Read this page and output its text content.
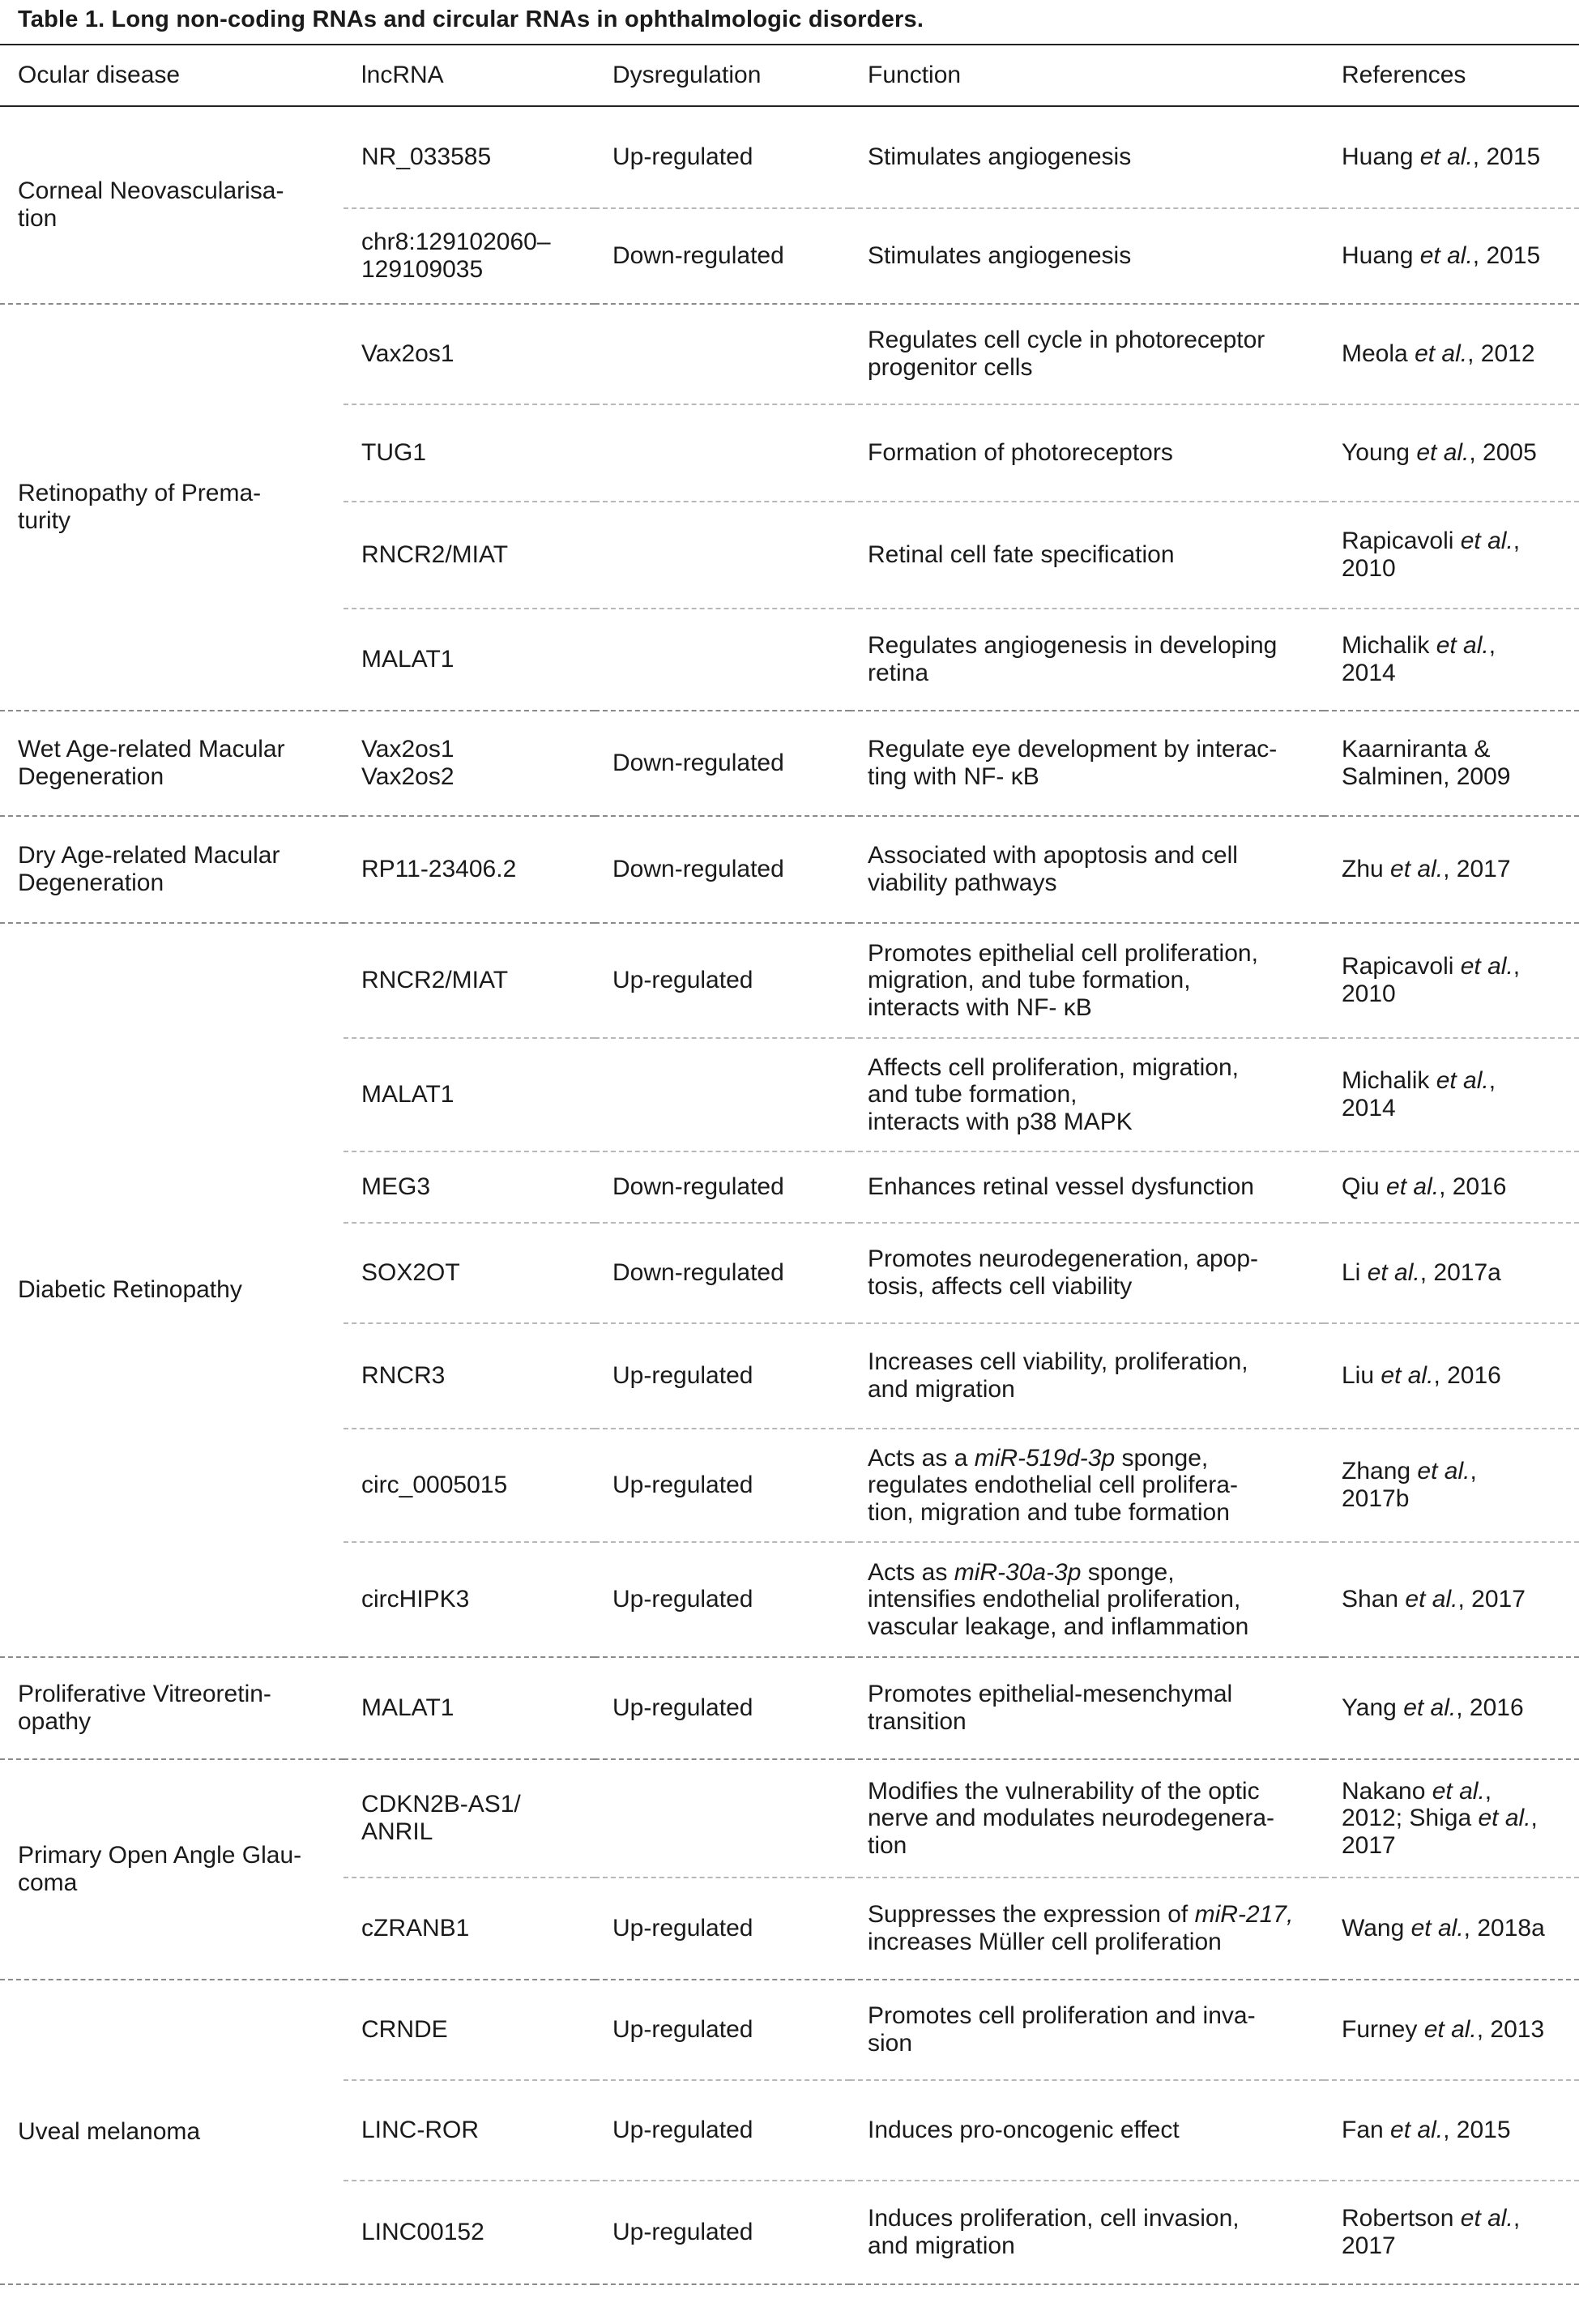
Table 1. Long non-coding RNAs and circular RNAs in ophthalmologic disorders.
Ocular disease	lncRNA	Dysregulation	Function	References
Corneal Neovascularisa-
tion	NR_033585	Up-regulated	Stimulates angiogenesis	Huang et al., 2015
	chr8:129102060–
129109035	Down-regulated	Stimulates angiogenesis	Huang et al., 2015
Retinopathy of Prema-
turity	Vax2os1		Regulates cell cycle in photoreceptor
progenitor cells	Meola et al., 2012
	TUG1		Formation of photoreceptors	Young et al., 2005
	RNCR2/MIAT		Retinal cell fate specification	Rapicavoli et al.,
2010
	MALAT1		Regulates angiogenesis in developing
retina	Michalik et al.,
2014
Wet Age-related Macular
Degeneration	Vax2os1
Vax2os2	Down-regulated	Regulate eye development by interac-
ting with NF- κB	Kaarniranta &
Salminen, 2009
Dry Age-related Macular
Degeneration	RP11-23406.2	Down-regulated	Associated with apoptosis and cell
viability pathways	Zhu et al., 2017
Diabetic Retinopathy	RNCR2/MIAT	Up-regulated	Promotes epithelial cell proliferation,
migration, and tube formation,
interacts with NF- κB	Rapicavoli et al.,
2010
	MALAT1		Affects cell proliferation, migration,
and tube formation,
interacts with p38 MAPK	Michalik et al.,
2014
	MEG3	Down-regulated	Enhances retinal vessel dysfunction	Qiu et al., 2016
	SOX2OT	Down-regulated	Promotes neurodegeneration, apop-
tosis, affects cell viability	Li et al., 2017a
	RNCR3	Up-regulated	Increases cell viability, proliferation,
and migration	Liu et al., 2016
	circ_0005015	Up-regulated	Acts as a miR-519d-3p sponge,
regulates endothelial cell prolifera-
tion, migration and tube formation	Zhang et al.,
2017b
	circHIPK3	Up-regulated	Acts as miR-30a-3p sponge,
intensifies endothelial proliferation,
vascular leakage, and inflammation	Shan et al., 2017
Proliferative Vitreoretin-
opathy	MALAT1	Up-regulated	Promotes epithelial-mesenchymal
transition	Yang et al., 2016
Primary Open Angle Glau-
coma	CDKN2B-AS1/
ANRIL		Modifies the vulnerability of the optic
nerve and modulates neurodegenera-
tion	Nakano et al.,
2012; Shiga et al.,
2017
	cZRANB1	Up-regulated	Suppresses the expression of miR-217,
increases Müller cell proliferation	Wang et al., 2018a
Uveal melanoma	CRNDE	Up-regulated	Promotes cell proliferation and inva-
sion	Furney et al., 2013
	LINC-ROR	Up-regulated	Induces pro-oncogenic effect	Fan et al., 2015
	LINC00152	Up-regulated	Induces proliferation, cell invasion,
and migration	Robertson et al.,
2017
